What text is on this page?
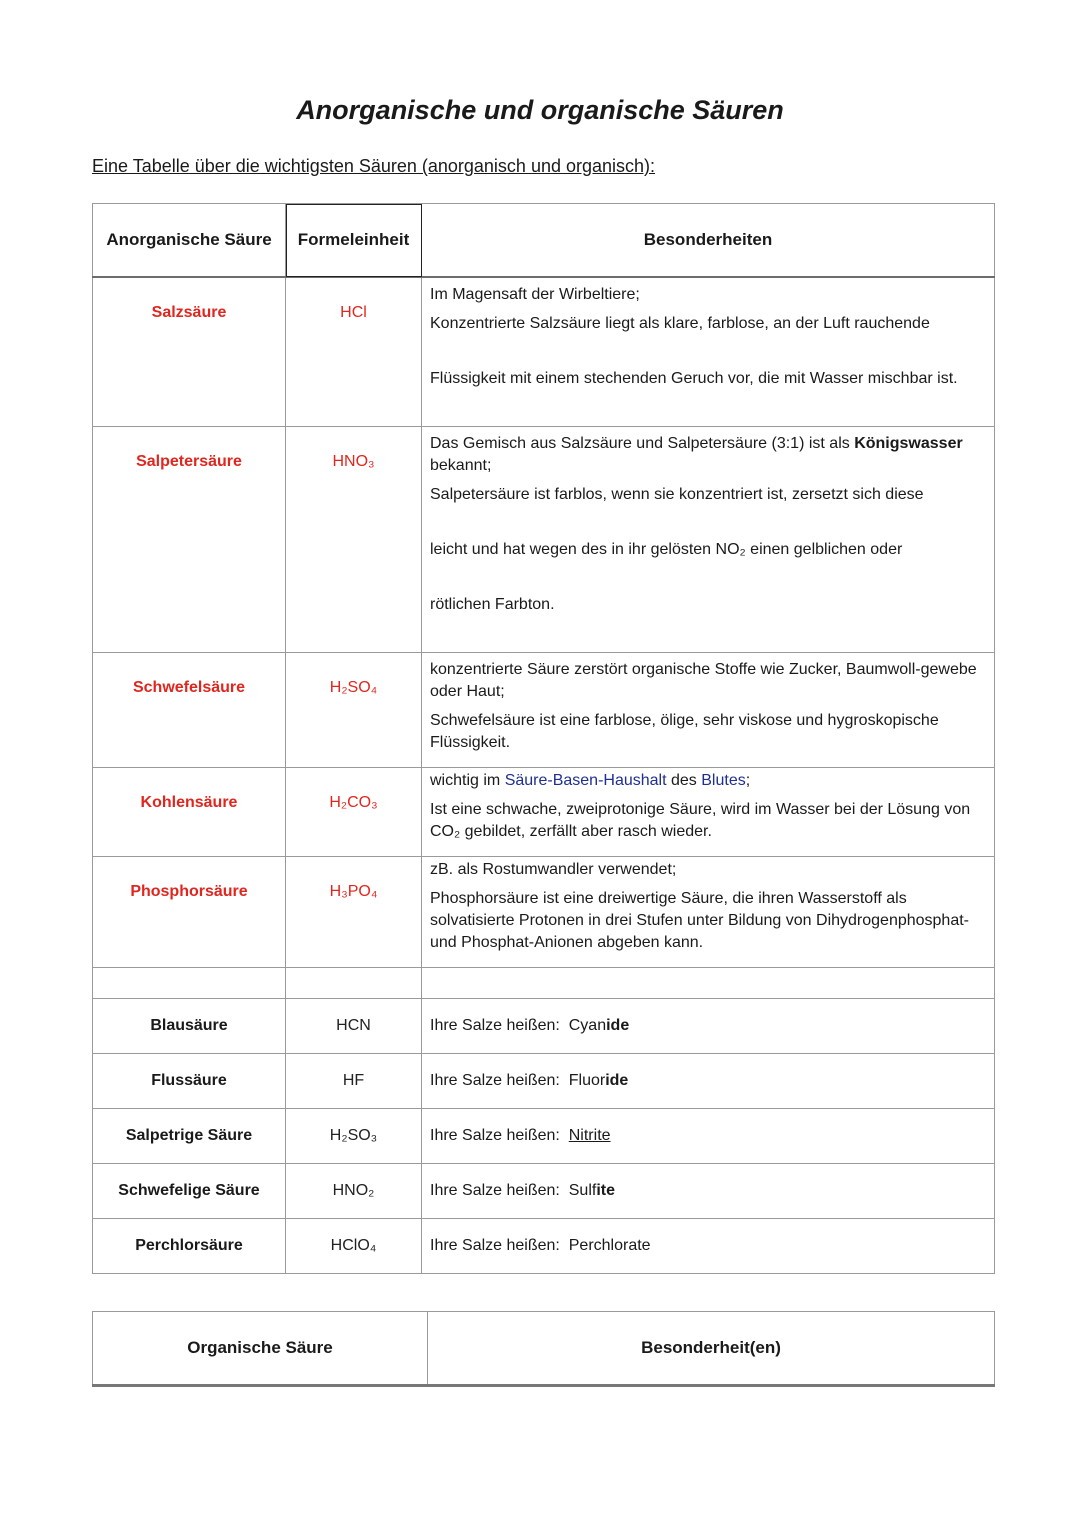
Anorganische und organische Säuren

Eine Tabelle über die wichtigsten Säuren (anorganisch und organisch):

Anorganische Säure	Formeleinheit	Besonderheiten
Salzsäure	HCl	Im Magensaft der Wirbeltiere;

Konzentrierte Salzsäure liegt als klare, farblose, an der Luft rauchende

Flüssigkeit mit einem stechenden Geruch vor, die mit Wasser mischbar ist.

Salpetersäure	HNO₃	Das Gemisch aus Salzsäure und Salpetersäure (3:1) ist als Königswasser bekannt;

Salpetersäure ist farblos, wenn sie konzentriert ist, zersetzt sich diese

leicht und hat wegen des in ihr gelösten NO₂ einen gelblichen oder

rötlichen Farbton.

Schwefelsäure	H₂SO₄	konzentrierte Säure zerstört organische Stoffe wie Zucker, Baumwoll-gewebe oder Haut;

Schwefelsäure ist eine farblose, ölige, sehr viskose und hygroskopische Flüssigkeit.

Kohlensäure	H₂CO₃	wichtig im Säure-Basen-Haushalt des Blutes;

Ist eine schwache, zweiprotonige Säure, wird im Wasser bei der Lösung von CO₂ gebildet, zerfällt aber rasch wieder.

Phosphorsäure	H₃PO₄	zB. als Rostumwandler verwendet;

Phosphorsäure ist eine dreiwertige Säure, die ihren Wasserstoff als solvatisierte Protonen in drei Stufen unter Bildung von Dihydrogenphosphat- und Phosphat-Anionen abgeben kann.

Blausäure	HCN	Ihre Salze heißen: Cyanide
Flussäure	HF	Ihre Salze heißen: Fluoride
Salpetrige Säure	H₂SO₃	Ihre Salze heißen: Nitrite
Schwefelige Säure	HNO₂	Ihre Salze heißen: Sulfite
Perchlorsäure	HClO₄	Ihre Salze heißen: Perchlorate
Organische Säure	Besonderheit(en)
